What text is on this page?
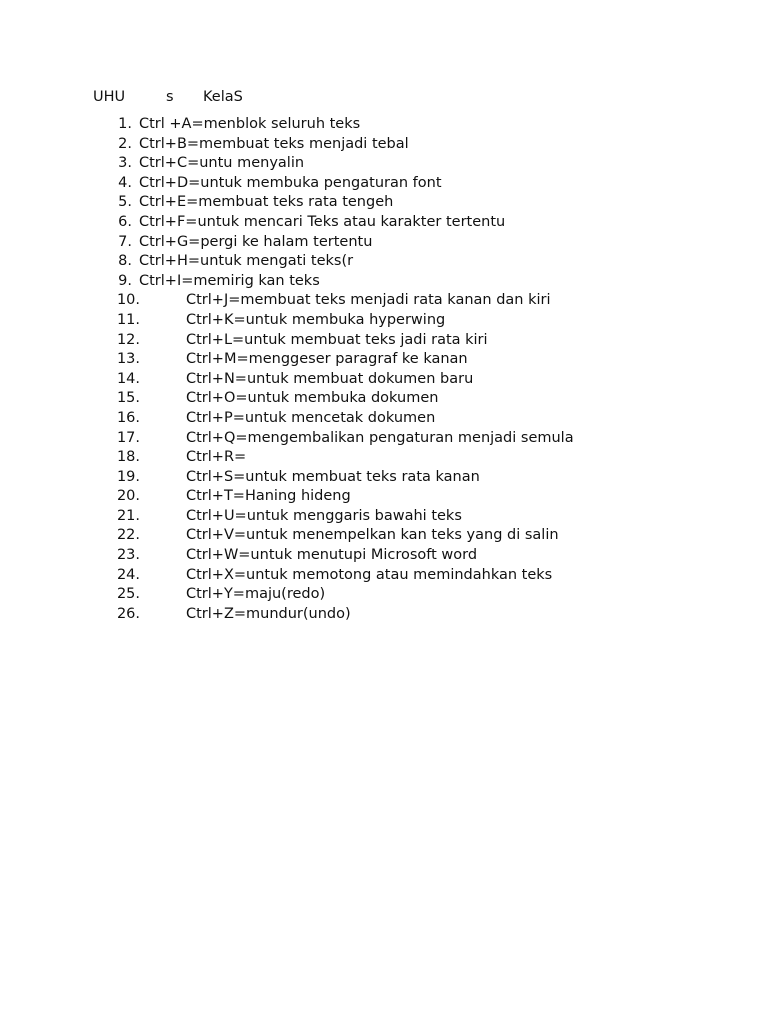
UHU	s KelaS
1. Ctrl +A=menblok seluruh teks
2. Ctrl+B=membuat teks menjadi tebal
3. Ctrl+C=untu menyalin
4. Ctrl+D=untuk membuka pengaturan font
5. Ctrl+E=membuat teks rata tengeh
6. Ctrl+F=untuk mencari Teks atau karakter tertentu
7. Ctrl+G=pergi ke halam tertentu
8. Ctrl+H=untuk mengati teks(r
9. Ctrl+I=memirig kan teks
10.	Ctrl+J=membuat teks menjadi rata kanan dan kiri
11.	Ctrl+K=untuk membuka hyperwing
12.	Ctrl+L=untuk membuat teks jadi rata kiri
13.	Ctrl+M=menggeser paragraf ke kanan
14.	Ctrl+N=untuk membuat dokumen baru
15.	Ctrl+O=untuk membuka dokumen
16.	Ctrl+P=untuk mencetak dokumen
17.	Ctrl+Q=mengembalikan pengaturan menjadi semula
18.	Ctrl+R=
19.	Ctrl+S=untuk membuat teks rata kanan
20.	Ctrl+T=Haning hideng
21.	Ctrl+U=untuk menggaris bawahi teks
22.	Ctrl+V=untuk menempelkan kan teks yang di salin
23.	Ctrl+W=untuk menutupi Microsoft word
24.	Ctrl+X=untuk memotong atau memindahkan teks
25.	Ctrl+Y=maju(redo)
26.	Ctrl+Z=mundur(undo)
